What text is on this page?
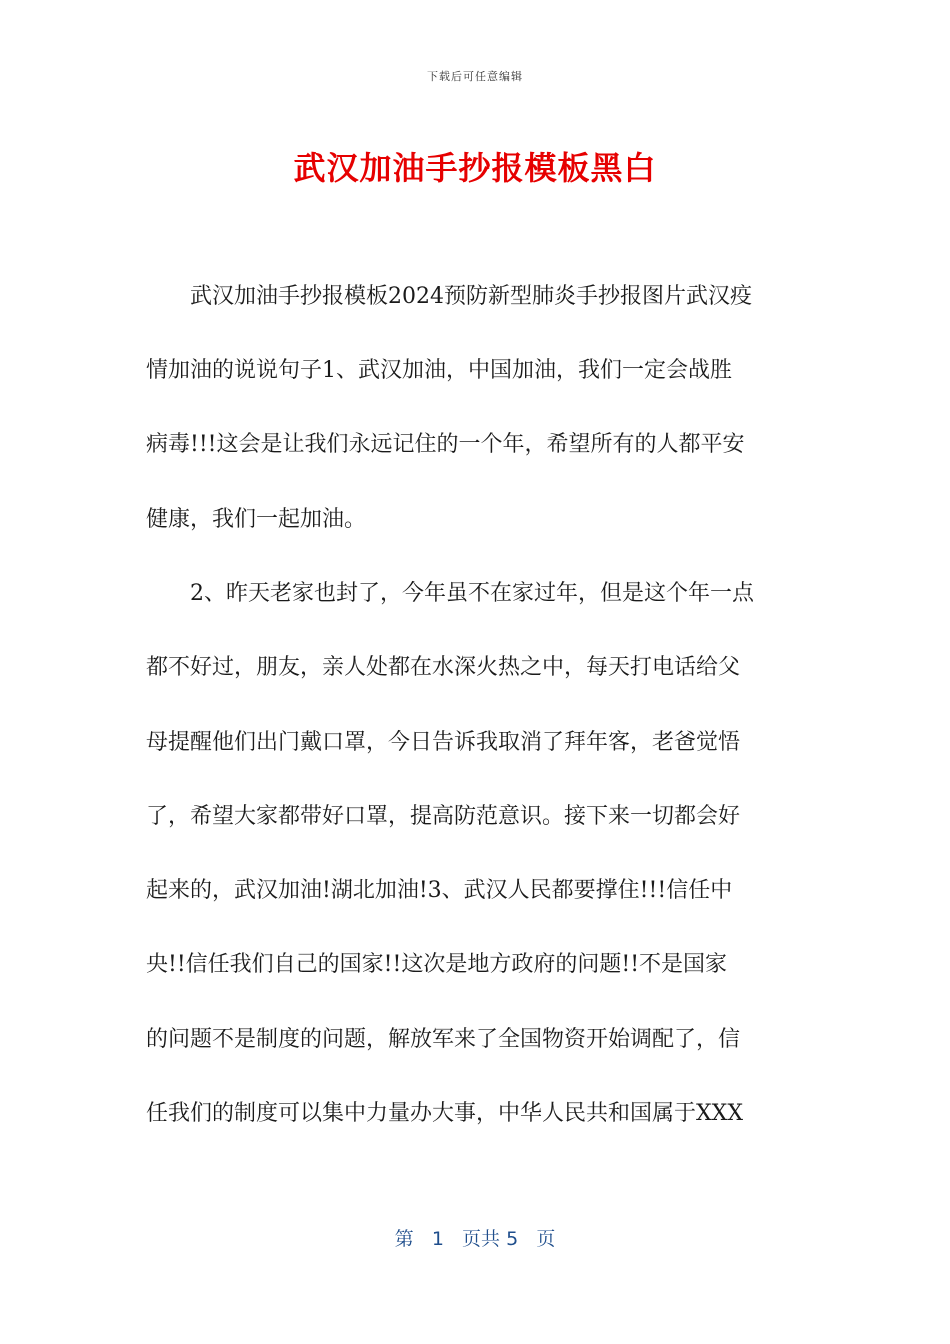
下载后可任意编辑
武汉加油手抄报模板黑白
　　武汉加油手抄报模板2024预防新型肺炎手抄报图片武汉疫
情加油的说说句子1、武汉加油，中国加油，我们一定会战胜
病毒!!!这会是让我们永远记住的一个年，希望所有的人都平安
健康，我们一起加油。
　　2、昨天老家也封了，今年虽不在家过年，但是这个年一点
都不好过，朋友，亲人处都在水深火热之中，每天打电话给父
母提醒他们出门戴口罩，今日告诉我取消了拜年客，老爸觉悟
了，希望大家都带好口罩，提高防范意识。接下来一切都会好
起来的，武汉加油!湖北加油!3、武汉人民都要撑住!!!信任中
央!!信任我们自己的国家!!这次是地方政府的问题!!不是国家
的问题不是制度的问题，解放军来了全国物资开始调配了，信
任我们的制度可以集中力量办大事，中华人民共和国属于XXX
第 1 页共 5 页
